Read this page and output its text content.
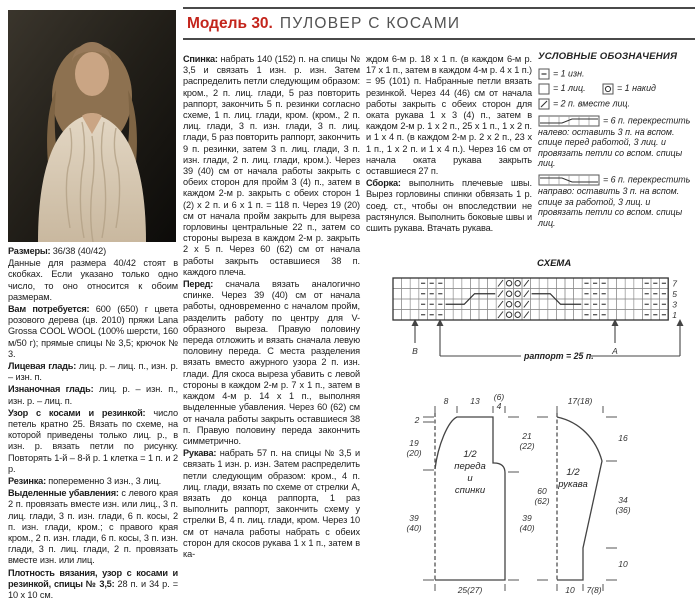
Модель 30. ПУЛОВЕР С КОСАМИ

Размеры: 36/38 (40/42)

Данные для размера 40/42 стоят в скобках. Если указано только одно число, то оно относится к обоим размерам.

Вам потребуется: 600 (650) г цвета розового дерева (цв. 2010) пряжи Lana Grossa COOL WOOL (100% шерсти, 160 м/50 г); прямые спицы № 3,5; крючок № 3.

Лицевая гладь: лиц. р. – лиц. п., изн. р. – изн. п.

Изнаночная гладь: лиц. р. – изн. п., изн. р. – лиц. п.

Узор с косами и резинкой: число петель кратно 25. Вязать по схеме, на которой приведены только лиц. р., в изн. р. вязать петли по рисунку. Повторять 1-й – 8-й р. 1 клетка = 1 п. и 2 р.

Резинка: попеременно 3 изн., 3 лиц.

Выделенные убавления: с левого края 2 п. провязать вместе изн. или лиц., 3 п. лиц. глади, 3 п. изн. глади, 6 п. косы, 2 п. изн. глади, кром.; с правого края кром., 2 п. изн. глади, 6 п. косы, 3 п. изн. глади, 3 п. лиц. глади, 2 п. провязать вместе изн. или лиц.

Плотность вязания, узор с косами и резинкой, спицы № 3,5: 28 п. и 34 р. = 10 x 10 см.

Спинка: набрать 140 (152) п. на спицы № 3,5 и связать 1 изн. р. изн. Затем распределить петли следующим образом: кром., 2 п. лиц. глади, 5 раз повторить раппорт, закончить 5 п. резинки согласно схеме, 1 п. лиц. глади, кром. (кром., 2 п. лиц. глади, 3 п. изн. глади, 3 п. лиц. глади, 5 раз повторить раппорт, закончить 9 п. резинки, затем 3 п. лиц. глади, 3 п. изн. глади, 2 п. лиц. глади, кром.). Через 39 (40) см от начала работы закрыть с обеих сторон для пройм 3 (4) п., затем в каждом 2-м р. закрыть с обеих сторон 1 (2) x 2 п. и 6 x 1 п. = 118 п. Через 19 (20) см от начала пройм закрыть для выреза горловины центральные 22 п., затем со стороны выреза в каждом 2-м р. закрыть 2 x 5 п. Через 60 (62) см от начала работы закрыть оставшиеся 38 п. каждого плеча.

Перед: сначала вязать аналогично спинке. Через 39 (40) см от начала работы, одновременно с началом пройм, разделить работу по центру для V-образного выреза. Правую половину переда отложить и вязать сначала левую половину переда. С места разделения вязать вместо ажурного узора 2 п. изн. глади. Для скоса выреза убавить с левой стороны в каждом 2-м р. 7 x 1 п., затем в каждом 4-м р. 14 x 1 п., выполняя выделенные убавления. Через 60 (62) см от начала работы закрыть оставшиеся 38 п. Правую половину переда закончить симметрично.

Рукава: набрать 57 п. на спицы № 3,5 и связать 1 изн. р. изн. Затем распределить петли следующим образом: кром., 4 п. лиц. глади, вязать по схеме от стрелки А, вязать до конца раппорта, 1 раз выполнить раппорт, закончить схему у стрелки В, 4 п. лиц. глади, кром. Через 10 см от начала работы набрать с обеих сторон для скосов рукава 1 x 1 п., затем в ка-

ждом 6-м р. 18 x 1 п. (в каждом 6-м р. 17 x 1 п., затем в каждом 4-м р. 4 x 1 п.) = 95 (101) п. Набранные петли вязать резинкой. Через 44 (46) см от начала работы закрыть с обеих сторон для оката рукава 1 x 3 (4) п., затем в каждом 2-м р. 1 x 2 п., 25 x 1 п., 1 x 2 п. и 1 x 4 п. (в каждом 2-м р. 2 x 2 п., 23 x 1 п., 1 x 2 п. и 1 x 4 п.). Через 16 см от начала оката рукава закрыть оставшиеся 27 п.

Сборка: выполнить плечевые швы. Вырез горловины спинки обвязать 1 р. соед. ст., чтобы он впоследствии не растянулся. Выполнить боковые швы и сшить рукава. Втачать рукава.

УСЛОВНЫЕ ОБОЗНАЧЕНИЯ
= 1 изн.
= 1 лиц.	= 1 накид
= 2 п. вместе лиц.
= 6 п. перекрестить налево: оставить 3 п. на вспом. спице перед работой, 3 лиц. и провязать петли со вспом. спицы лиц.
= 6 п. перекрестить направо: оставить 3 п. на вспом. спице за работой, 3 лиц. и провязать петли со вспом. спицы лиц.
СХЕМА
7
5
3
1
В	А
раппорт = 25 п.
8	13 (6)
4
2
19
(20)
39
(40)
21
(22)
39
(40)
25(27)
60
(62)
1/2
переда
и
спинки
17(18)
16
34
(36)
10
10 7(8)
1/2
рукава
